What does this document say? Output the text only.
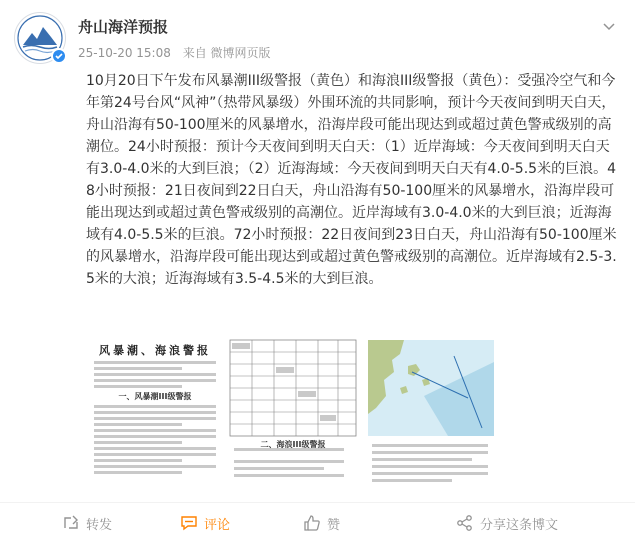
舟山海洋预报
25-10-20 15:08 来自 微博网页版
10月20日下午发布风暴潮III级警报（黄色）和海浪III级警报（黄色）：受强冷空气和今年第24号台风“风神”（热带风暴级）外围环流的共同影响，预计今天夜间到明天白天，舟山沿海有50-100厘米的风暴增水，沿海岸段可能出现达到或超过黄色警戒级别的高潮位。24小时预报：预计今天夜间到明天白天：（1）近岸海域：今天夜间到明天白天有3.0-4.0米的大到巨浪；（2）近海海域：今天夜间到明天白天有4.0-5.5米的巨浪。48小时预报：21日夜间到22日白天，舟山沿海有50-100厘米的风暴增水，沿海岸段可能出现达到或超过黄色警戒级别的高潮位。近岸海域有3.0-4.0米的大到巨浪；近海海域有4.0-5.5米的巨浪。72小时预报：22日夜间到23日白天，舟山沿海有50-100厘米的风暴增水，沿海岸段可能出现达到或超过黄色警戒级别的高潮位。近岸海域有2.5-3.5米的大浪；近海海域有3.5-4.5米的大到巨浪。
风暴潮、海浪警报
一、风暴潮III级警报
二、海浪III级警报
转发	评论	赞	分享这条博文
